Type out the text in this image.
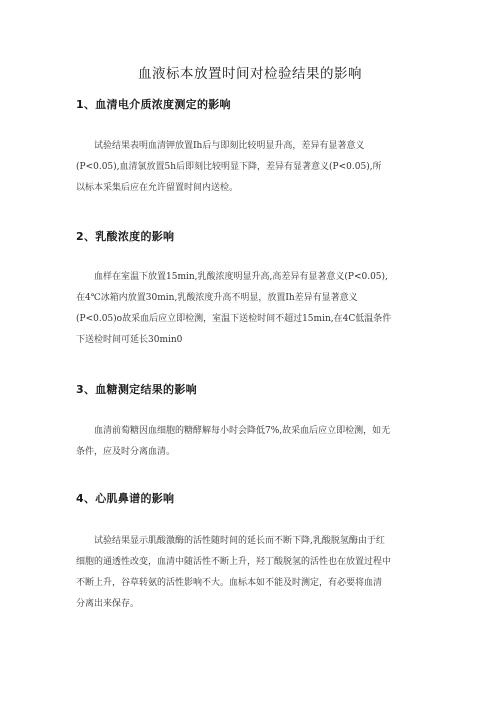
血液标本放置时间对检验结果的影响
1、血清电介质浓度测定的影响
试验结果表明血清钾放置Ih后与即刻比较明显升高，差异有显著意义
(P<0.05),血清氯放置5h后即刻比较明显下降，差异有显著意义(P<0.05),所
以标本采集后应在允许留置时间内送检。
2、乳酸浓度的影响
血样在室温下放置15min,乳酸浓度明显升高,高差异有显著意义(P<0.05),
在4℃冰箱内放置30min,乳酸浓度升高不明显，放置Ih差异有显著意义
(P<0.05)o故采血后应立即检测，室温下送检时间不超过15min,在4C低温条件
下送检时间可延长30min0
3、血糖测定结果的影响
血清前萄糖因血细胞的糖酵解每小时会降低7%,故采血后应立即检测，如无
条件，应及时分离血清。
4、心肌鼻谱的影响
试验结果显示肌酸激酶的活性随时间的延长而不断下降,乳酸脱氢酶由于红
细胞的通透性改变，血清中随活性不断上升，羟丁酸脱氢的活性也在放置过程中
不断上升，谷草转氨的活性影响不大。血标本如不能及时测定，有必要将血清
分离出来保存。
